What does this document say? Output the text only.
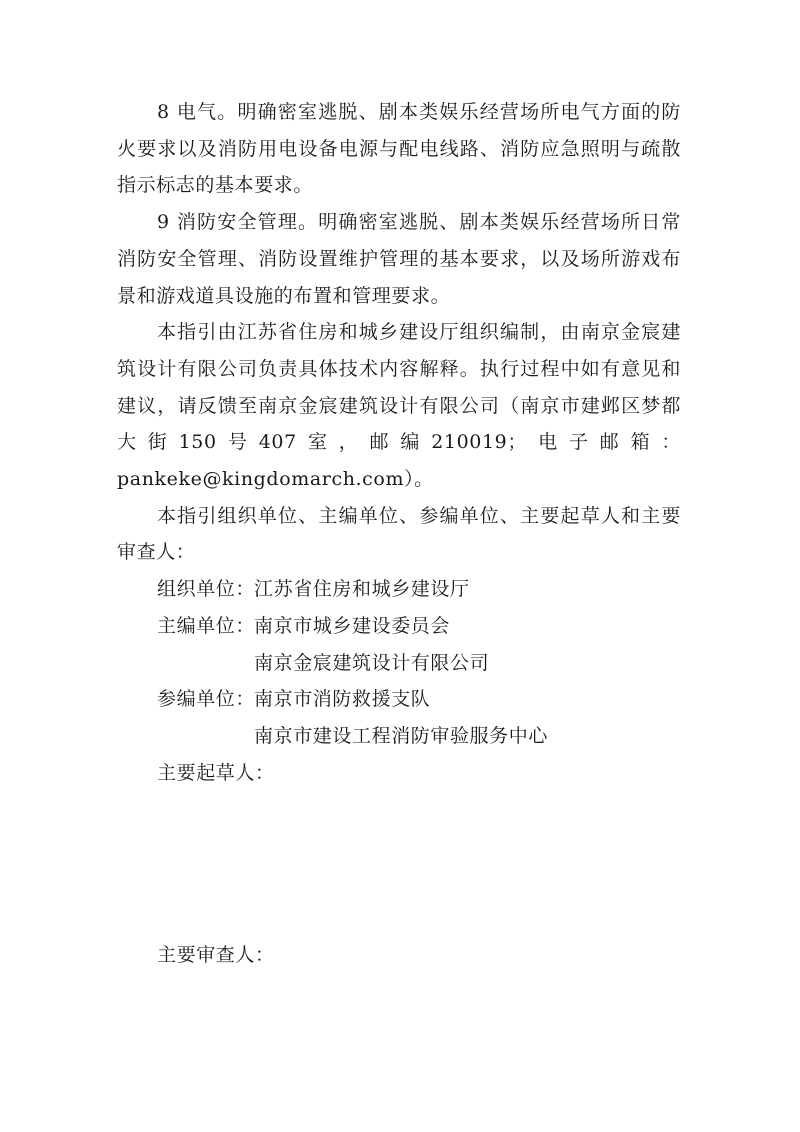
8 电气。明确密室逃脱、剧本类娱乐经营场所电气方面的防火要求以及消防用电设备电源与配电线路、消防应急照明与疏散指示标志的基本要求。

9 消防安全管理。明确密室逃脱、剧本类娱乐经营场所日常消防安全管理、消防设置维护管理的基本要求，以及场所游戏布景和游戏道具设施的布置和管理要求。

本指引由江苏省住房和城乡建设厅组织编制，由南京金宸建筑设计有限公司负责具体技术内容解释。执行过程中如有意见和建议，请反馈至南京金宸建筑设计有限公司（南京市建邺区梦都大街150号407室，邮编210019；电子邮箱：pankeke@kingdomarch.com）。

本指引组织单位、主编单位、参编单位、主要起草人和主要审查人：

组织单位：
江苏省住房和城乡建设厅
主编单位：
南京市城乡建设委员会
南京金宸建筑设计有限公司
参编单位：
南京市消防救援支队
南京市建设工程消防审验服务中心
主要起草人：
主要审查人：
